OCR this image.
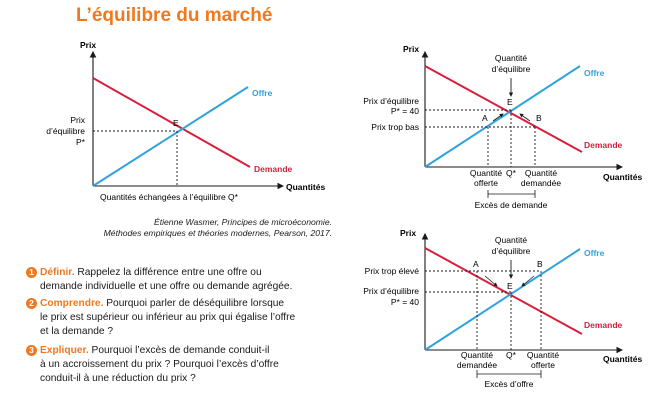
L’équilibre du marché
Prix
Quantités
Offre
Demande
E
Prix
d’équilibre
P*
Quantités échangées à l’équilibre Q*
Prix
Quantités
Offre
Demande
Quantité
d’équilibre
Prix d’équilibre
P* = 40
Prix trop bas
E
A	B
Quantité
offerte
Q* Quantité
demandée
Excès de demande
Prix
Quantités
Offre
Demande
Quantité
d’équilibre
Prix trop élevé
Prix d’équilibre
P* = 40
E
A	B
Quantité
demandée
Q* Quantité
offerte
Excès d’offre
Étienne Wasmer, Principes de microéconomie.
Méthodes empiriques et théories modernes, Pearson, 2017.
1 Définir. Rappelez la différence entre une offre ou
demande individuelle et une offre ou demande agrégée.
2 Comprendre. Pourquoi parler de déséquilibre lorsque
le prix est supérieur ou inférieur au prix qui égalise l’offre
et la demande ?
3 Expliquer. Pourquoi l’excès de demande conduit-il
à un accroissement du prix ? Pourquoi l’excès d’offre
conduit-il à une réduction du prix ?
